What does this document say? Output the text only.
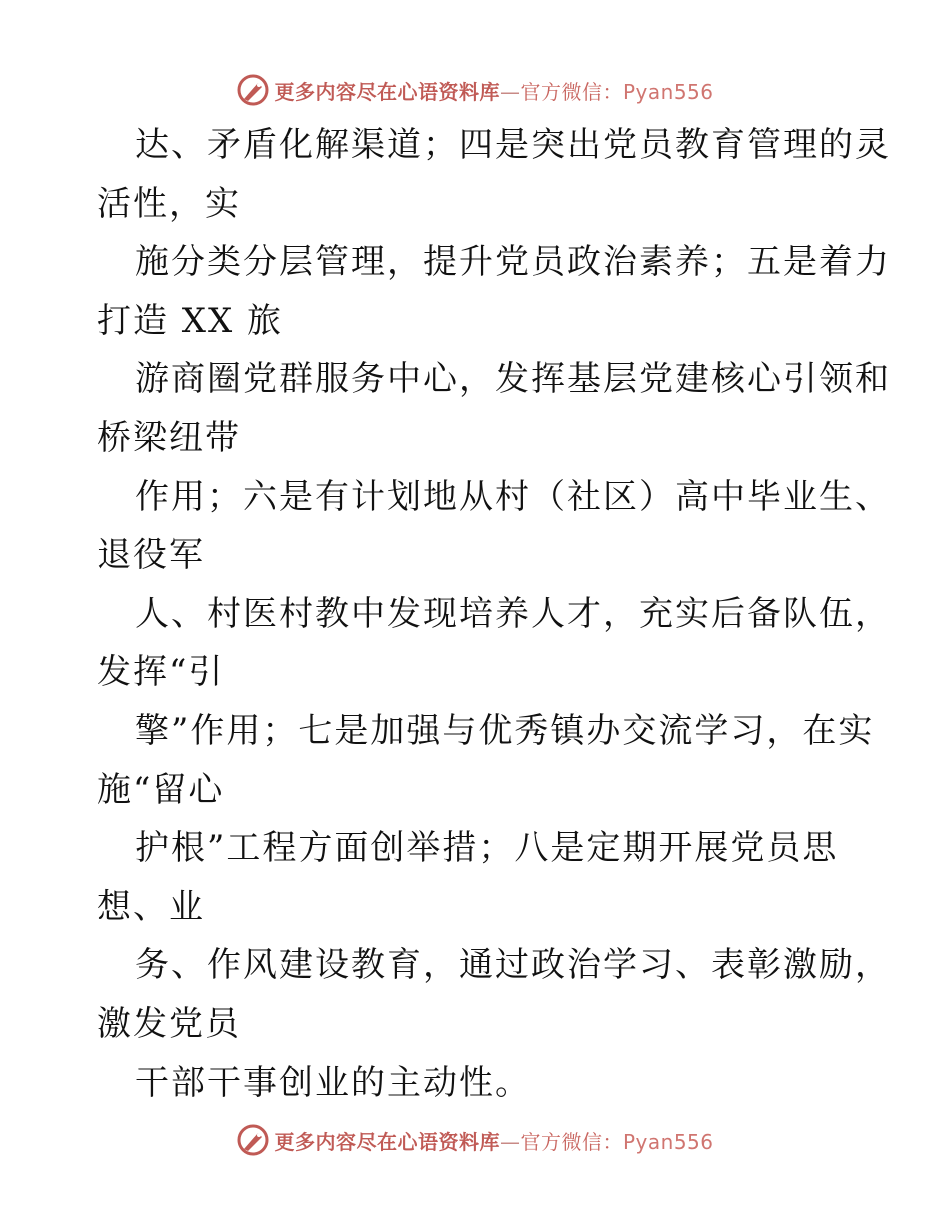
更多内容尽在心语资料库—官方微信：Pyan556
达、矛盾化解渠道；四是突出党员教育管理的灵
活性，实
施分类分层管理，提升党员政治素养；五是着力
打造 XX 旅
游商圈党群服务中心，发挥基层党建核心引领和
桥梁纽带
作用；六是有计划地从村（社区）高中毕业生、
退役军
人、村医村教中发现培养人才，充实后备队伍，
发挥“引
擎”作用；七是加强与优秀镇办交流学习，在实
施“留心
护根”工程方面创举措；八是定期开展党员思
想、业
务、作风建设教育，通过政治学习、表彰激励，
激发党员
干部干事创业的主动性。
更多内容尽在心语资料库—官方微信：Pyan556
